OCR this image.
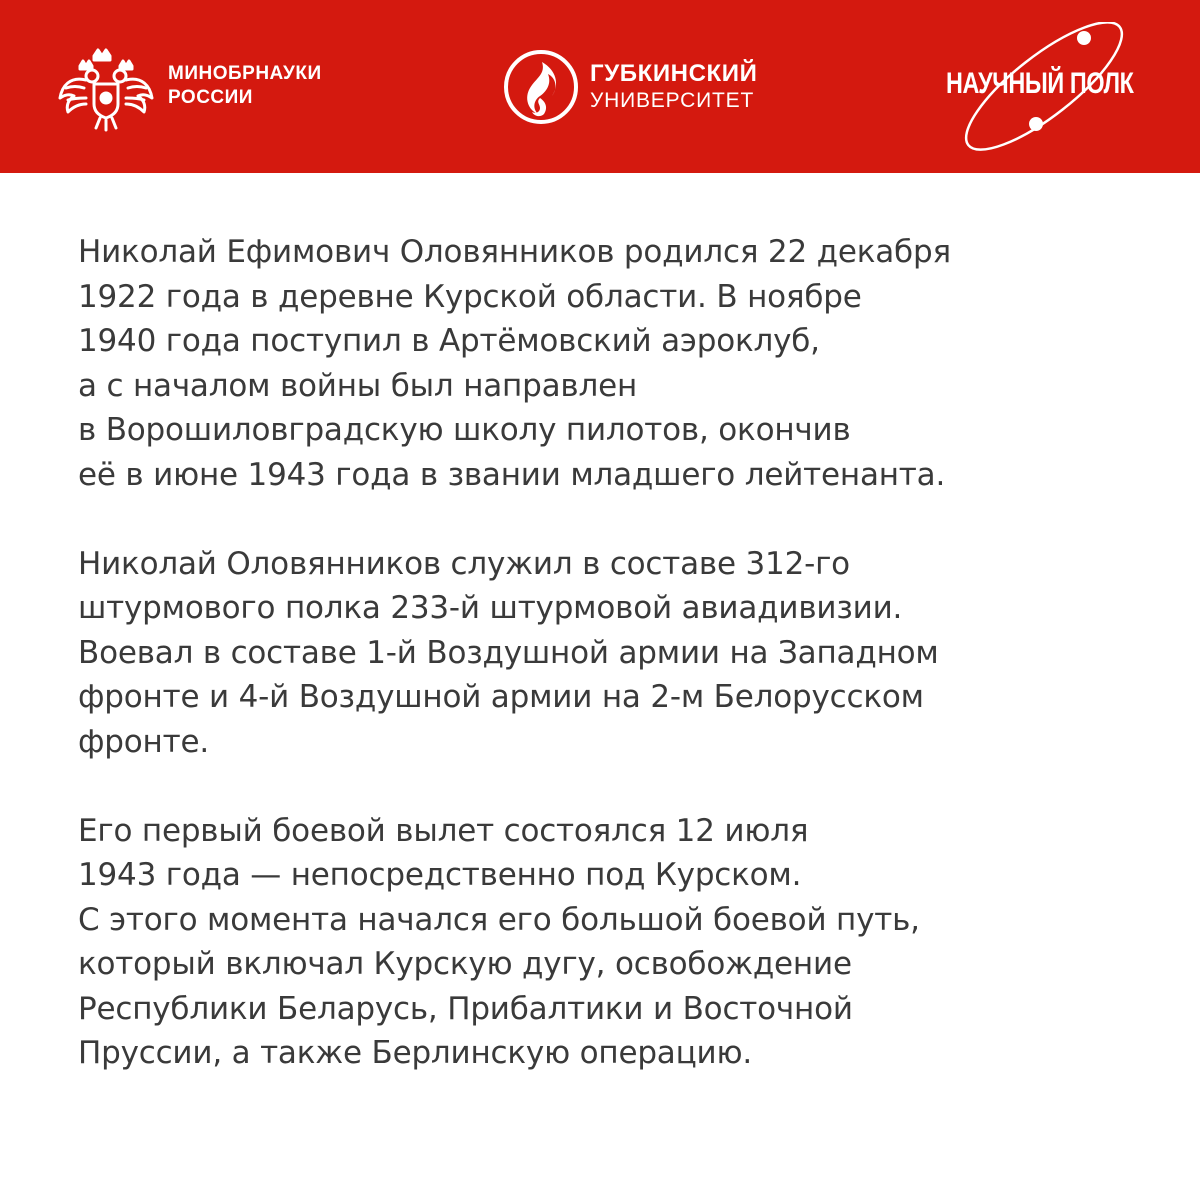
МИНОБРНАУКИ
РОССИИ
ГУБКИНСКИЙ
УНИВЕРСИТЕТ
НАУЧНЫЙ ПОЛК

Николай Ефимович Оловянников родился 22 декабря
1922 года в деревне Курской области. В ноябре
1940 года поступил в Артёмовский аэроклуб,
а с началом войны был направлен
в Ворошиловградскую школу пилотов, окончив
её в июне 1943 года в звании младшего лейтенанта.

Николай Оловянников служил в составе 312-го
штурмового полка 233-й штурмовой авиадивизии.
Воевал в составе 1-й Воздушной армии на Западном
фронте и 4-й Воздушной армии на 2-м Белорусском
фронте.

Его первый боевой вылет состоялся 12 июля
1943 года — непосредственно под Курском.
С этого момента начался его большой боевой путь,
который включал Курскую дугу, освобождение
Республики Беларусь, Прибалтики и Восточной
Пруссии, а также Берлинскую операцию.
